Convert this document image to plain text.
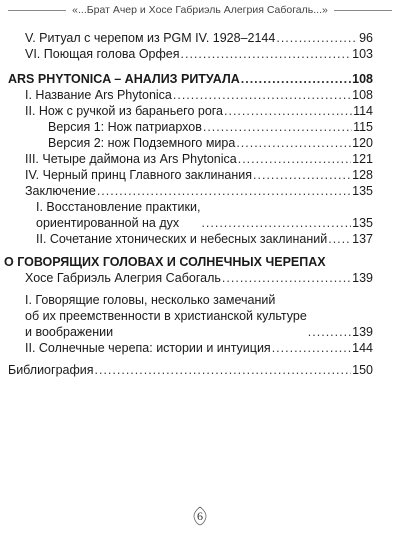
«...Брат Ачер и Хосе Габриэль Алегрия Сабогаль...»
V. Ритуал с черепом из PGM IV. 1928–2144 .....	96
VI. Поющая голова Орфея .....	103
ARS PHYTONICA – АНАЛИЗ РИТУАЛА .....	108
I. Название Ars Phytonica .....	108
II. Нож с ручкой из бараньего рога .....	114
Версия 1: Нож патриархов .....	115
Версия 2: нож Подземного мира .....	120
III. Четыре даймона из Ars Phytonica .....	121
IV. Черный принц Главного заклинания .....	128
Заключение .....	135
I. Восстановление практики,
ориентированной на дух .....	135
II. Сочетание хтонических и небесных заклинаний ..... 137
О ГОВОРЯЩИХ ГОЛОВАХ И СОЛНЕЧНЫХ ЧЕРЕПАХ
Хосе Габриэль Алегрия Сабогаль .....	139
I. Говорящие головы, несколько замечаний
об их преемственности в христианской культуре
и воображении .....	139
II. Солнечные черепа: истории и интуиция .....	144
Библиография .....	150
6
